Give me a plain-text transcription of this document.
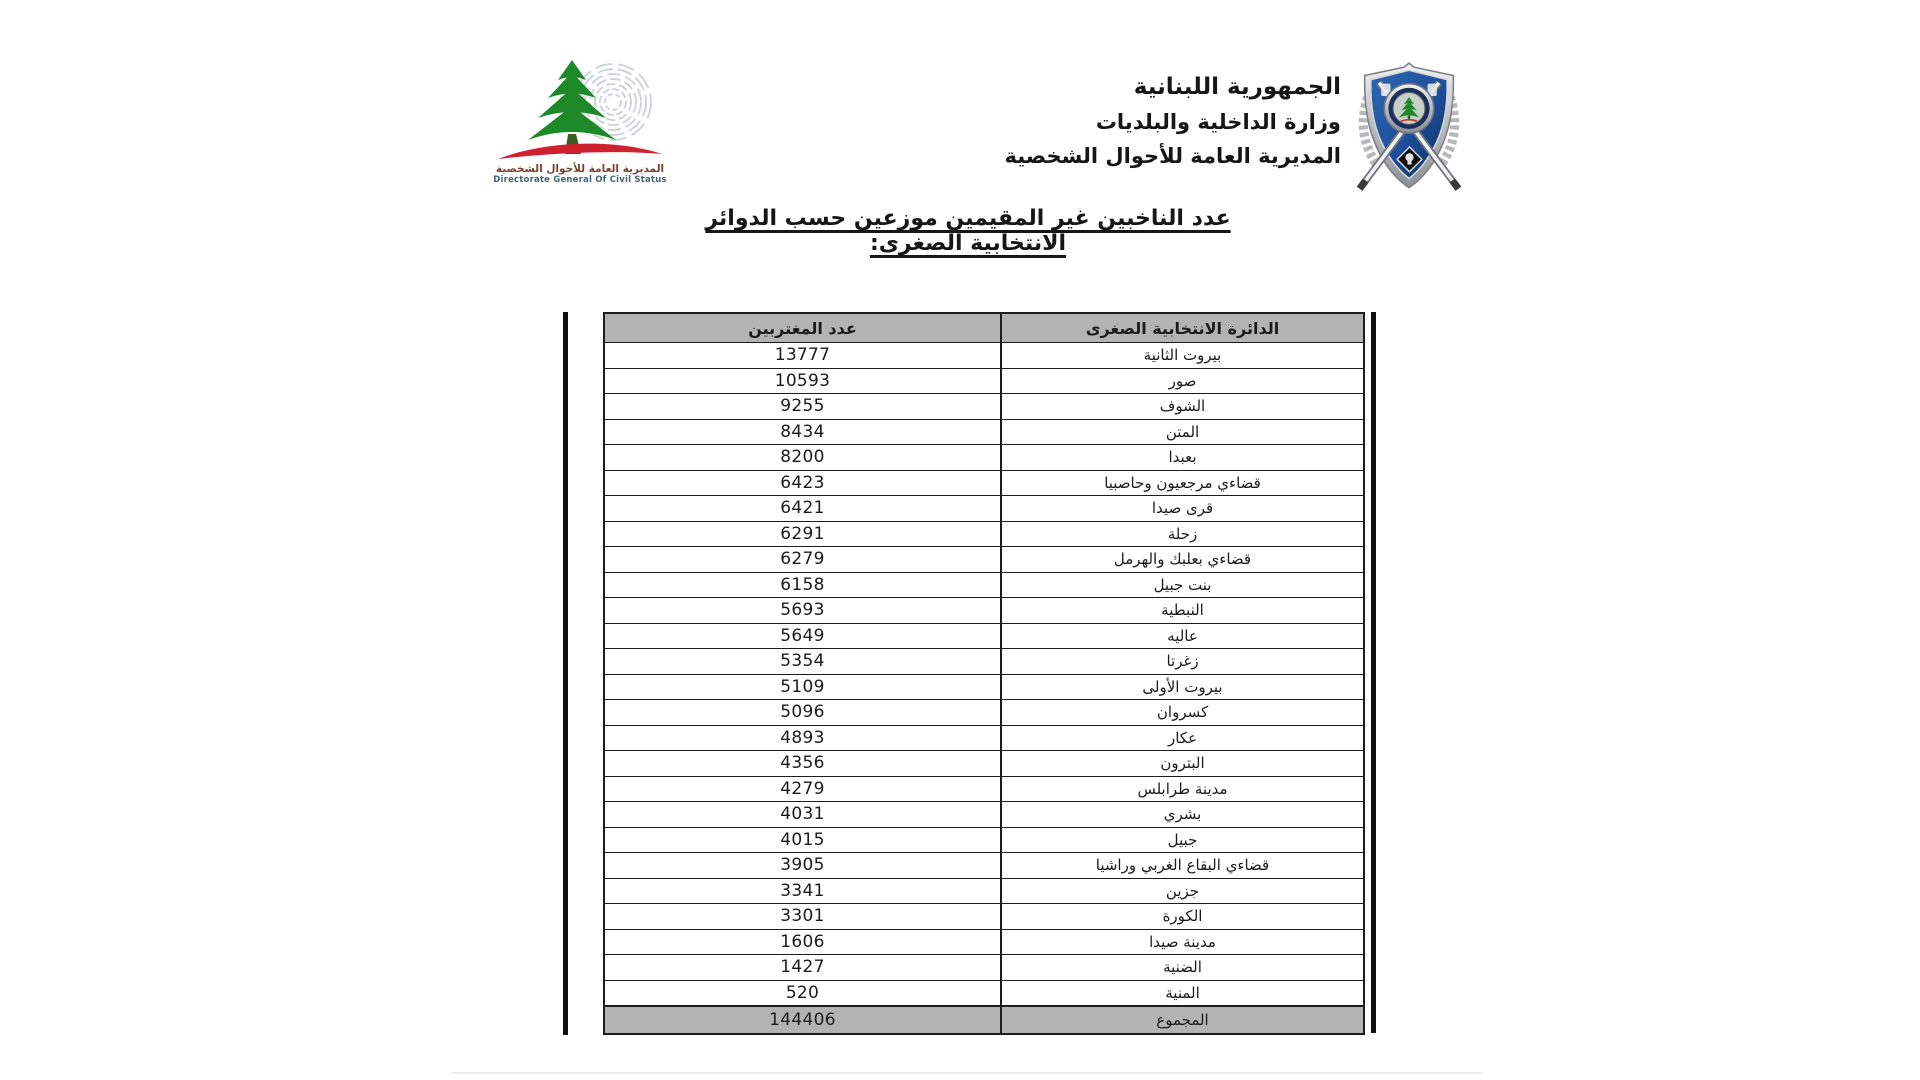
المديرية العامة للأحوال الشخصية
Directorate General Of Civil Status
الجمهورية اللبنانية
وزارة الداخلية والبلديات
المديرية العامة للأحوال الشخصية
عدد الناخبين غير المقيمين موزعين حسب الدوائر الانتخابية الصغرى:
عدد المغتربين	الدائرة الانتخابية الصغرى
13777	بيروت الثانية
10593	صور
9255	الشوف
8434	المتن
8200	بعبدا
6423	قضاءي مرجعيون وحاصبيا
6421	قرى صيدا
6291	زحلة
6279	قضاءي بعلبك والهرمل
6158	بنت جبيل
5693	النبطية
5649	عاليه
5354	زغرتا
5109	بيروت الأولى
5096	كسروان
4893	عكار
4356	البترون
4279	مدينة طرابلس
4031	بشري
4015	جبيل
3905	قضاءي البقاع الغربي وراشيا
3341	جزين
3301	الكورة
1606	مدينة صيدا
1427	الضنية
520	المنية
144406	المجموع
